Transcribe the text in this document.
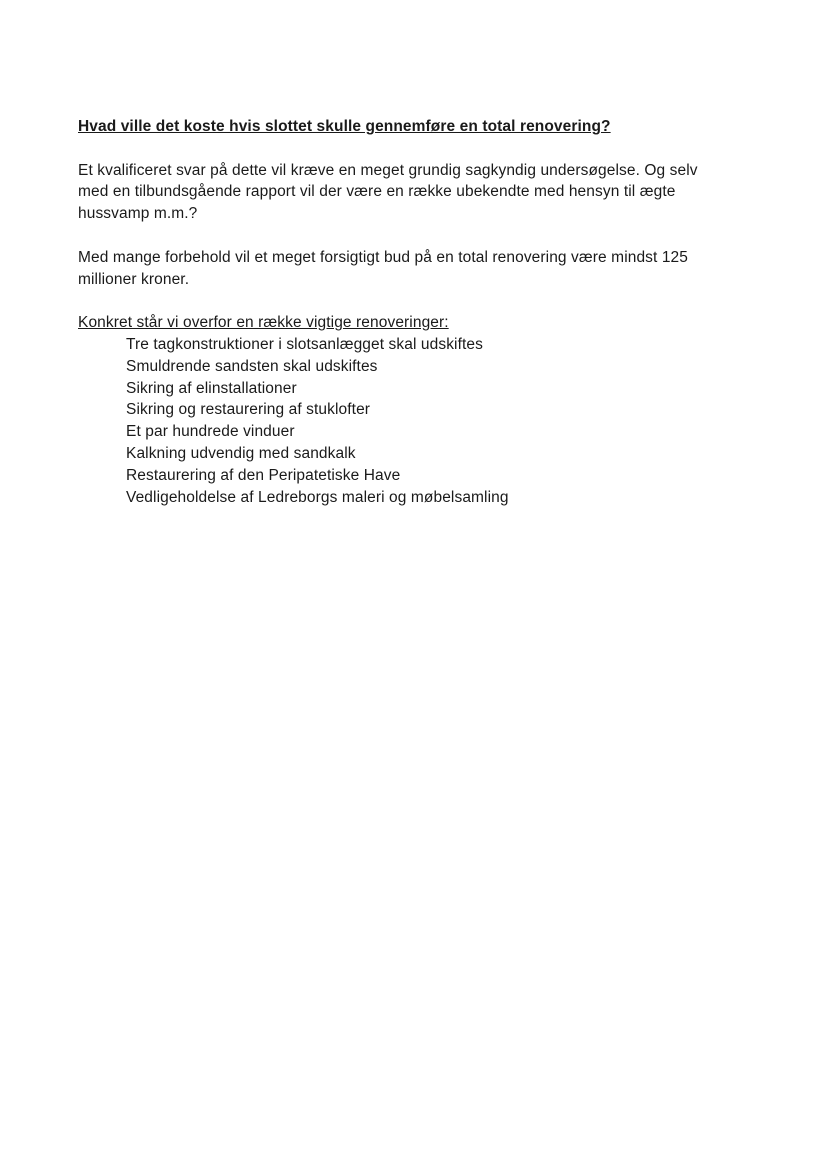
Hvad ville det koste hvis slottet skulle gennemføre en total renovering?
Et kvalificeret svar på dette vil kræve en meget grundig sagkyndig undersøgelse. Og selv
med en tilbundsgående rapport vil der være en række ubekendte med hensyn til ægte
hussvamp m.m.?
Med mange forbehold vil et meget forsigtigt bud på en total renovering være mindst 125
millioner kroner.
Konkret står vi overfor en række vigtige renoveringer:
Tre tagkonstruktioner i slotsanlægget skal udskiftes
Smuldrende sandsten skal udskiftes
Sikring af elinstallationer
Sikring og restaurering af stuklofter
Et par hundrede vinduer
Kalkning udvendig med sandkalk
Restaurering af den Peripatetiske Have
Vedligeholdelse af Ledreborgs maleri og møbelsamling
